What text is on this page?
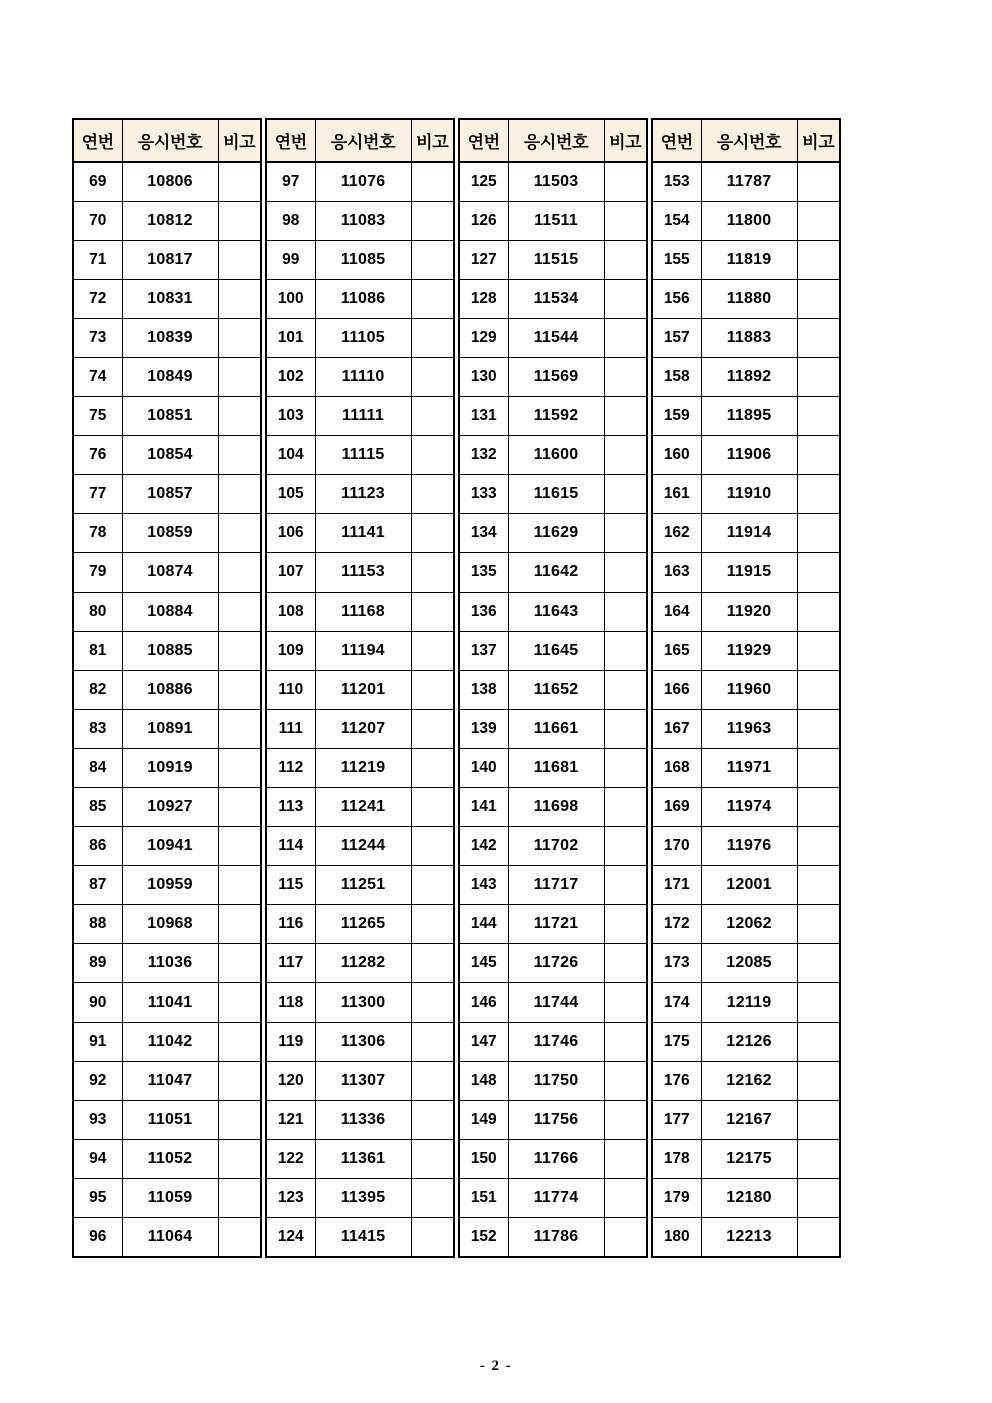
연번	응시번호	비고
69	10806	
70	10812	
71	10817	
72	10831	
73	10839	
74	10849	
75	10851	
76	10854	
77	10857	
78	10859	
79	10874	
80	10884	
81	10885	
82	10886	
83	10891	
84	10919	
85	10927	
86	10941	
87	10959	
88	10968	
89	11036	
90	11041	
91	11042	
92	11047	
93	11051	
94	11052	
95	11059	
96	11064	
연번	응시번호	비고
97	11076	
98	11083	
99	11085	
100	11086	
101	11105	
102	11110	
103	11111	
104	11115	
105	11123	
106	11141	
107	11153	
108	11168	
109	11194	
110	11201	
111	11207	
112	11219	
113	11241	
114	11244	
115	11251	
116	11265	
117	11282	
118	11300	
119	11306	
120	11307	
121	11336	
122	11361	
123	11395	
124	11415	
연번	응시번호	비고
125	11503	
126	11511	
127	11515	
128	11534	
129	11544	
130	11569	
131	11592	
132	11600	
133	11615	
134	11629	
135	11642	
136	11643	
137	11645	
138	11652	
139	11661	
140	11681	
141	11698	
142	11702	
143	11717	
144	11721	
145	11726	
146	11744	
147	11746	
148	11750	
149	11756	
150	11766	
151	11774	
152	11786	
연번	응시번호	비고
153	11787	
154	11800	
155	11819	
156	11880	
157	11883	
158	11892	
159	11895	
160	11906	
161	11910	
162	11914	
163	11915	
164	11920	
165	11929	
166	11960	
167	11963	
168	11971	
169	11974	
170	11976	
171	12001	
172	12062	
173	12085	
174	12119	
175	12126	
176	12162	
177	12167	
178	12175	
179	12180	
180	12213	
- 2 -
